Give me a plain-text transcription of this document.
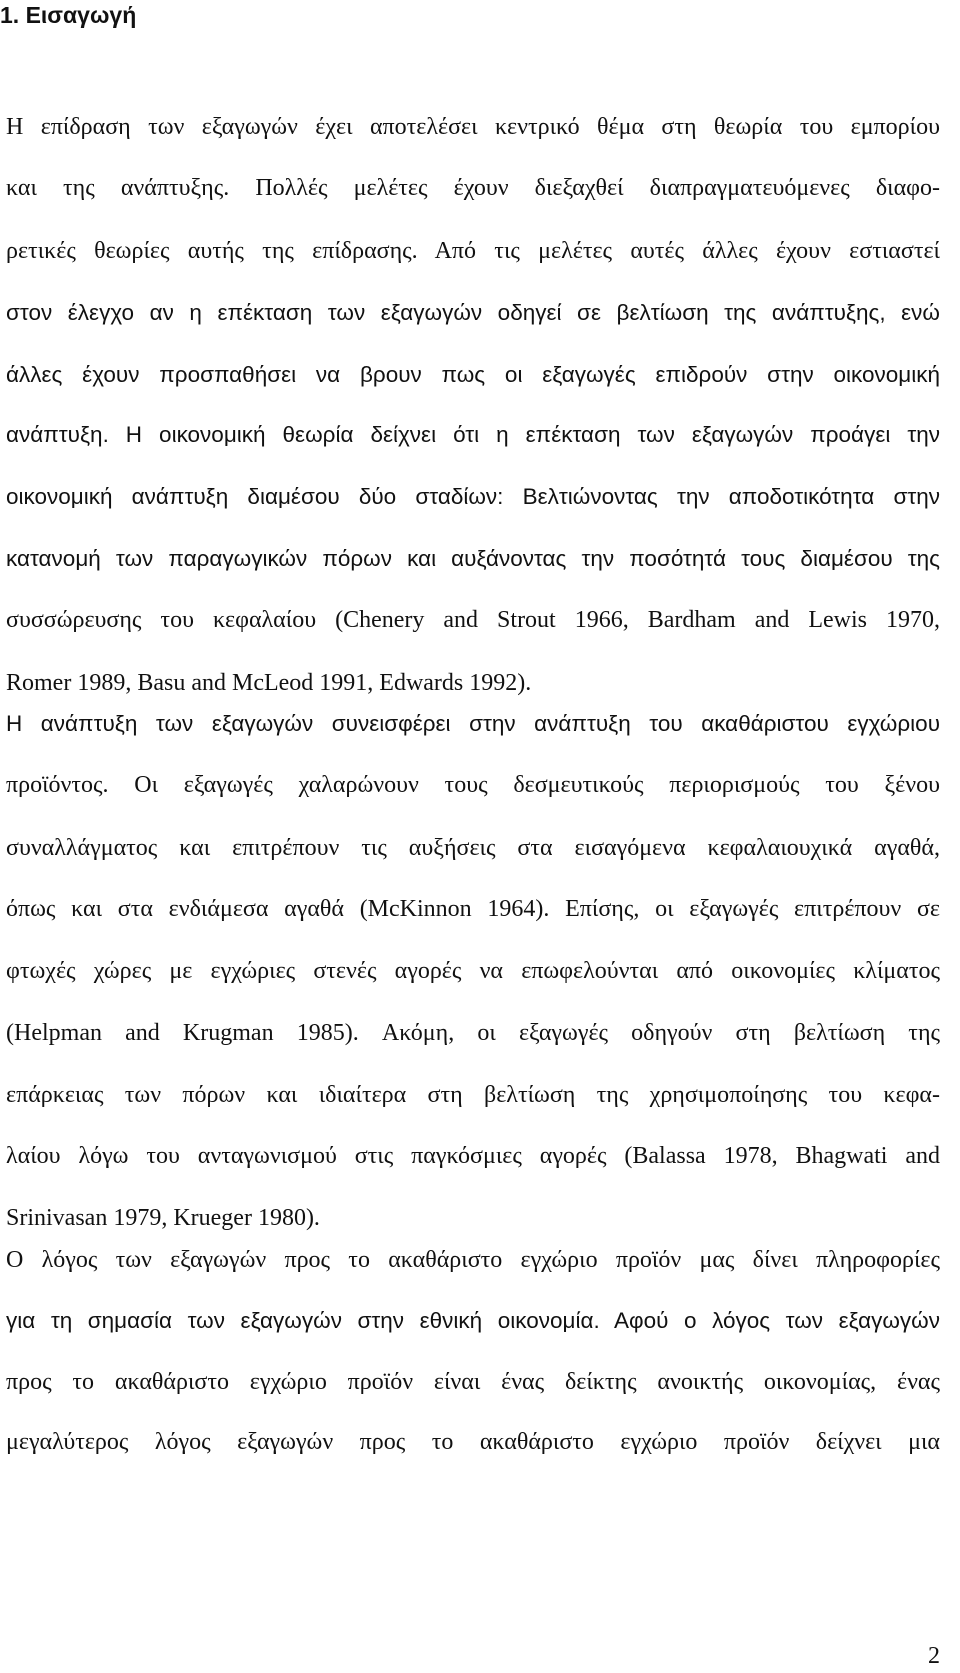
1. Εισαγωγή

Η επίδραση των εξαγωγών έχει αποτελέσει κεντρικό θέμα στη θεωρία του εμπορίου

και της ανάπτυξης. Πολλές μελέτες έχουν διεξαχθεί διαπραγματευόμενες διαφο-

ρετικές θεωρίες αυτής της επίδρασης. Από τις μελέτες αυτές άλλες έχουν εστιαστεί

στον έλεγχο αν η επέκταση των εξαγωγών οδηγεί σε βελτίωση της ανάπτυξης, ενώ

άλλες έχουν προσπαθήσει να βρουν πως οι εξαγωγές επιδρούν στην οικονομική

ανάπτυξη. Η οικονομική θεωρία δείχνει ότι η επέκταση των εξαγωγών προάγει την

οικονομική ανάπτυξη διαμέσου δύο σταδίων: Βελτιώνοντας την αποδοτικότητα στην

κατανομή των παραγωγικών πόρων και αυξάνοντας την ποσότητά τους διαμέσου της

συσσώρευσης του κεφαλαίου (Chenery and Strout 1966, Bardham and Lewis 1970,

Romer 1989, Basu and McLeod 1991, Edwards 1992).

Η ανάπτυξη των εξαγωγών συνεισφέρει στην ανάπτυξη του ακαθάριστου εγχώριου

προϊόντος. Οι εξαγωγές χαλαρώνουν τους δεσμευτικούς περιορισμούς του ξένου

συναλλάγματος και επιτρέπουν τις αυξήσεις στα εισαγόμενα κεφαλαιουχικά αγαθά,

όπως και στα ενδιάμεσα αγαθά (McKinnon 1964). Επίσης, οι εξαγωγές επιτρέπουν σε

φτωχές χώρες με εγχώριες στενές αγορές να επωφελούνται από οικονομίες κλίματος

(Helpman and Krugman 1985). Ακόμη, οι εξαγωγές οδηγούν στη βελτίωση της

επάρκειας των πόρων και ιδιαίτερα στη βελτίωση της χρησιμοποίησης του κεφα-

λαίου λόγω του ανταγωνισμού στις παγκόσμιες αγορές (Balassa 1978, Bhagwati and

Srinivasan 1979, Krueger 1980).

Ο λόγος των εξαγωγών προς το ακαθάριστο εγχώριο προϊόν μας δίνει πληροφορίες

για τη σημασία των εξαγωγών στην εθνική οικονομία. Αφού ο λόγος των εξαγωγών

προς το ακαθάριστο εγχώριο προϊόν είναι ένας δείκτης ανοικτής οικονομίας, ένας

μεγαλύτερος λόγος εξαγωγών προς το ακαθάριστο εγχώριο προϊόν δείχνει μια

2
